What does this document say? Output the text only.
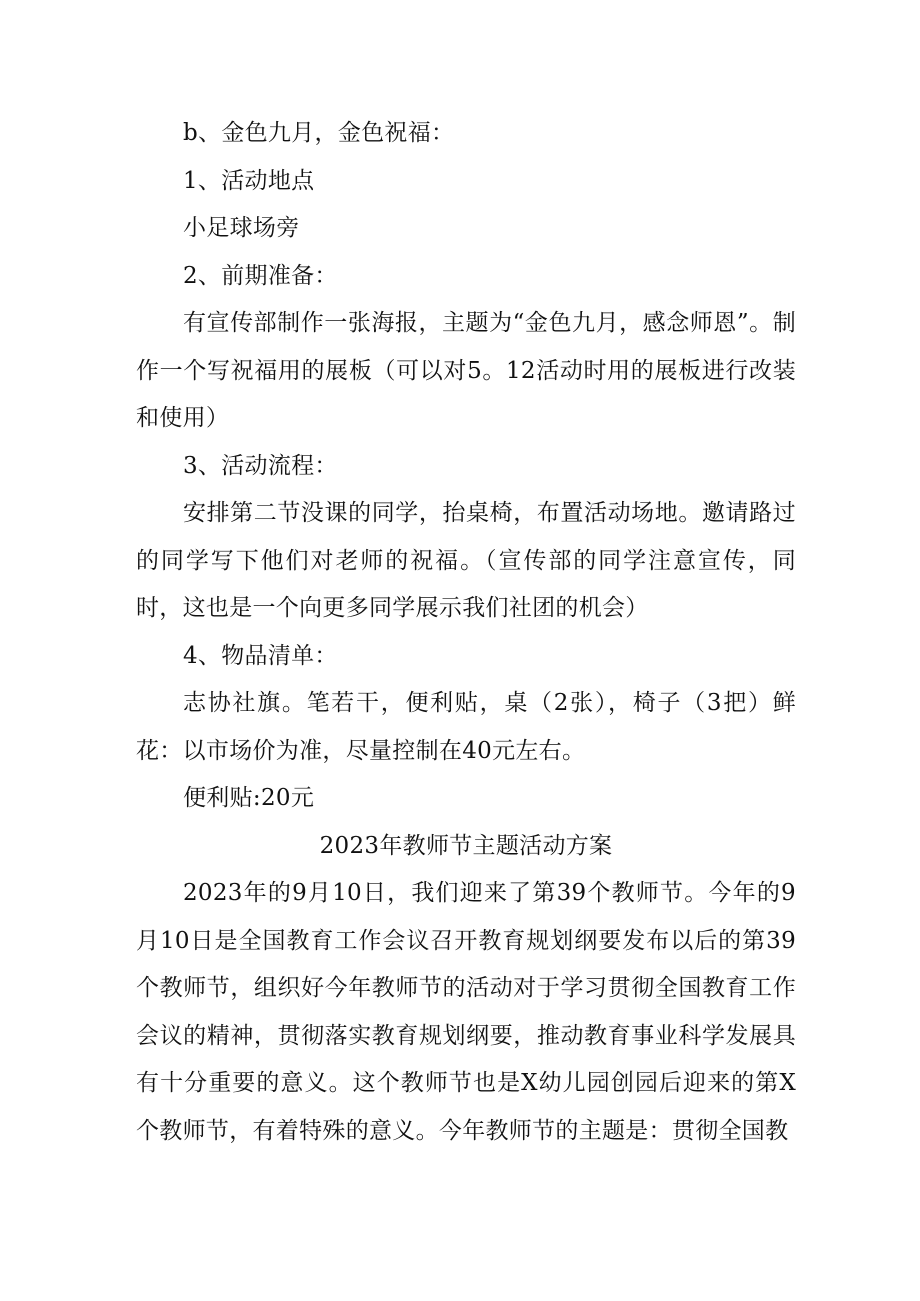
b、金色九月，金色祝福：

1、活动地点

小足球场旁

2、前期准备：

有宣传部制作一张海报，主题为“金色九月，感念师恩”。制作一个写祝福用的展板（可以对5。12活动时用的展板进行改装和使用）

3、活动流程：

安排第二节没课的同学，抬桌椅，布置活动场地。邀请路过的同学写下他们对老师的祝福。（宣传部的同学注意宣传，同时，这也是一个向更多同学展示我们社团的机会）

4、物品清单：

志协社旗。笔若干，便利贴，桌（2张），椅子（3把）鲜花：以市场价为准，尽量控制在40元左右。

便利贴:20元

2023年教师节主题活动方案

2023年的9月10日，我们迎来了第39个教师节。今年的9月10日是全国教育工作会议召开教育规划纲要发布以后的第39个教师节，组织好今年教师节的活动对于学习贯彻全国教育工作会议的精神，贯彻落实教育规划纲要，推动教育事业科学发展具有十分重要的意义。这个教师节也是X幼儿园创园后迎来的第X个教师节，有着特殊的意义。今年教师节的主题是：贯彻全国教
